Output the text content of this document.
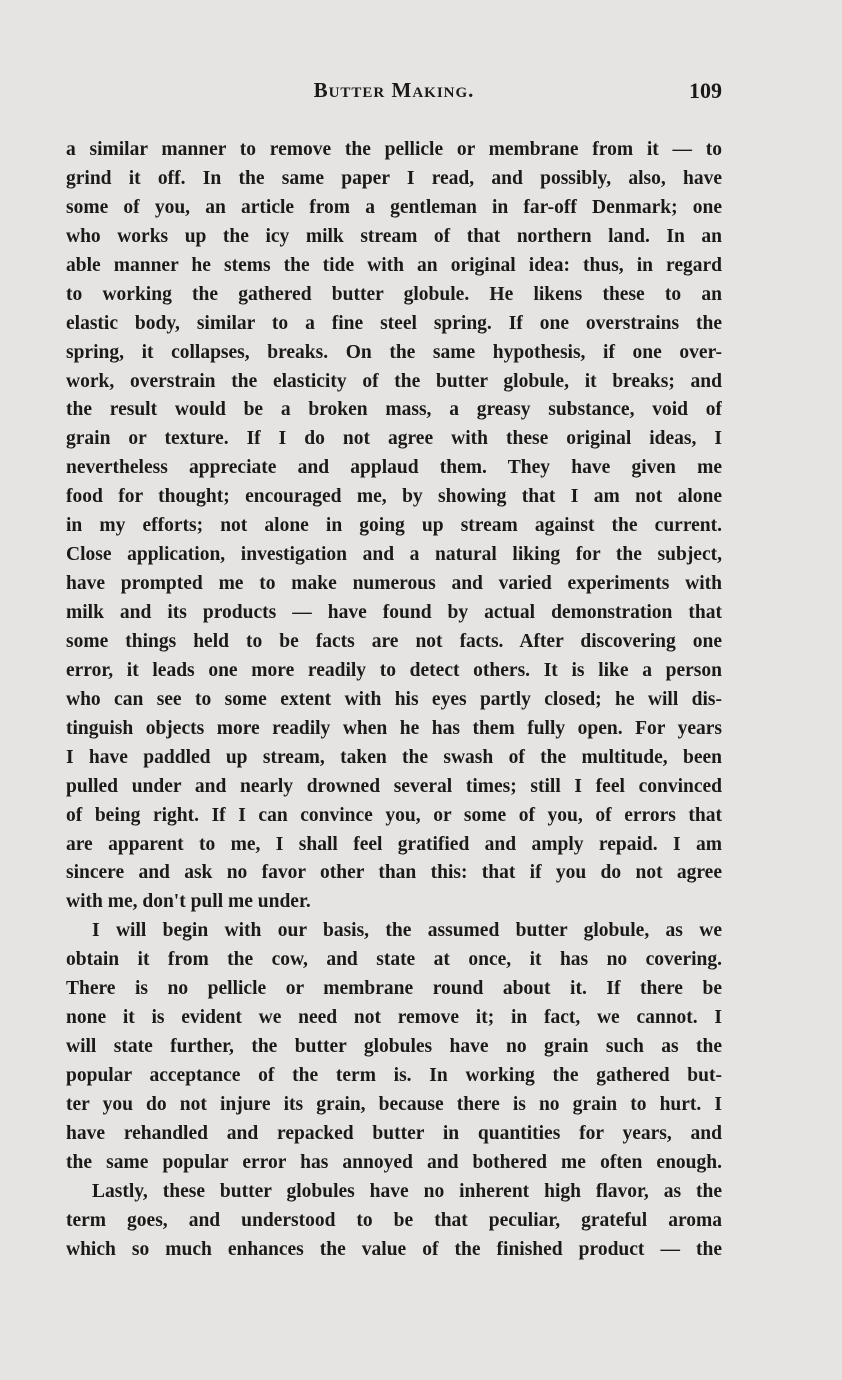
Butter Making.	109
a similar manner to remove the pellicle or membrane from it — to
grind it off. In the same paper I read, and possibly, also, have
some of you, an article from a gentleman in far-off Denmark; one
who works up the icy milk stream of that northern land. In an
able manner he stems the tide with an original idea: thus, in regard
to working the gathered butter globule. He likens these to an
elastic body, similar to a fine steel spring. If one overstrains the
spring, it collapses, breaks. On the same hypothesis, if one over-
work, overstrain the elasticity of the butter globule, it breaks; and
the result would be a broken mass, a greasy substance, void of
grain or texture. If I do not agree with these original ideas, I
nevertheless appreciate and applaud them. They have given me
food for thought; encouraged me, by showing that I am not alone
in my efforts; not alone in going up stream against the current.
Close application, investigation and a natural liking for the subject,
have prompted me to make numerous and varied experiments with
milk and its products — have found by actual demonstration that
some things held to be facts are not facts. After discovering one
error, it leads one more readily to detect others. It is like a person
who can see to some extent with his eyes partly closed; he will dis-
tinguish objects more readily when he has them fully open. For years
I have paddled up stream, taken the swash of the multitude, been
pulled under and nearly drowned several times; still I feel convinced
of being right. If I can convince you, or some of you, of errors that
are apparent to me, I shall feel gratified and amply repaid. I am
sincere and ask no favor other than this: that if you do not agree
with me, don't pull me under.
I will begin with our basis, the assumed butter globule, as we
obtain it from the cow, and state at once, it has no covering.
There is no pellicle or membrane round about it. If there be
none it is evident we need not remove it; in fact, we cannot. I
will state further, the butter globules have no grain such as the
popular acceptance of the term is. In working the gathered but-
ter you do not injure its grain, because there is no grain to hurt. I
have rehandled and repacked butter in quantities for years, and
the same popular error has annoyed and bothered me often enough.
Lastly, these butter globules have no inherent high flavor, as the
term goes, and understood to be that peculiar, grateful aroma
which so much enhances the value of the finished product — the
